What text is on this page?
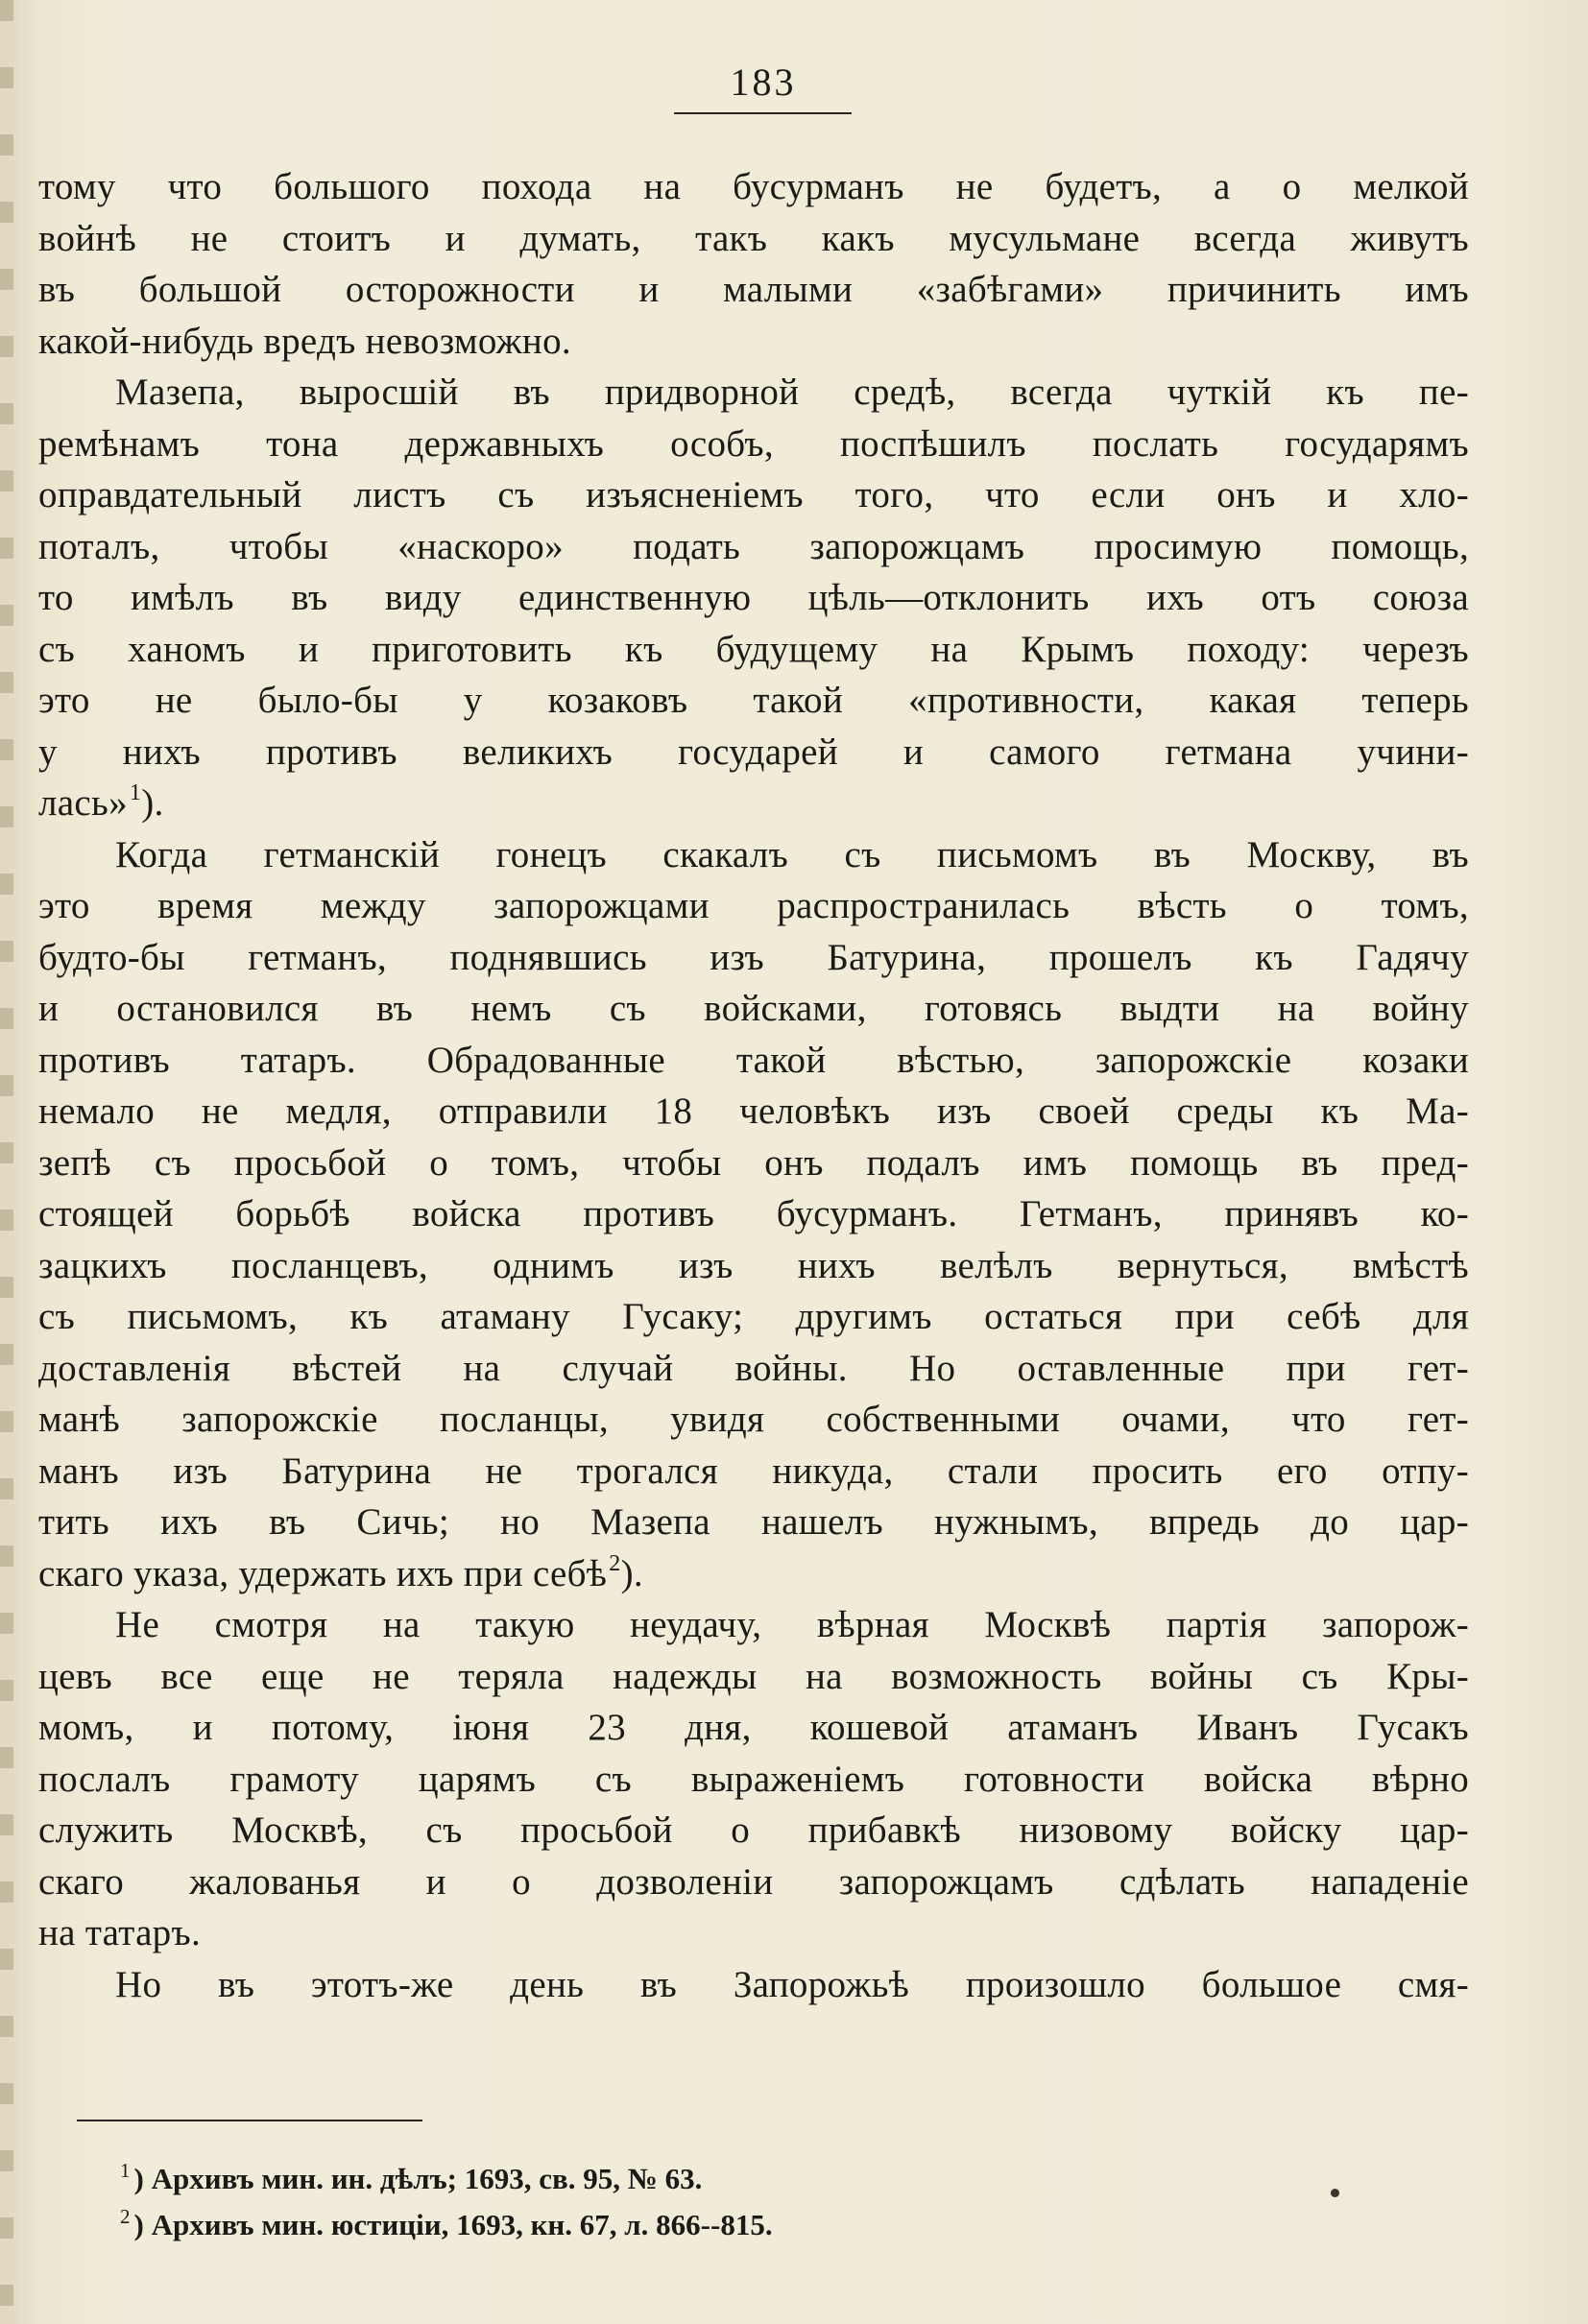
183
тому что большого похода на бусурманъ не будетъ, а о мелкой
войнѣ не стоитъ и думать, такъ какъ мусульмане всегда живутъ
въ большой осторожности и малыми «забѣгами» причинить имъ
какой-нибудь вредъ невозможно.
Мазепа, выросшій въ придворной средѣ, всегда чуткій къ пе-
ремѣнамъ тона державныхъ особъ, поспѣшилъ послать государямъ
оправдательный листъ съ изъясненіемъ того, что если онъ и хло-
поталъ, чтобы «наскоро» подать запорожцамъ просимую помощь,
то имѣлъ въ виду единственную цѣль—отклонить ихъ отъ союза
съ ханомъ и приготовить къ будущему на Крымъ походу: черезъ
это не было-бы у козаковъ такой «противности, какая теперь
у нихъ противъ великихъ государей и самого гетмана учини-
лась»$^1$).
Когда гетманскій гонецъ скакалъ съ письмомъ въ Москву, въ
это время между запорожцами распространилась вѣсть о томъ,
будто-бы гетманъ, поднявшись изъ Батурина, прошелъ къ Гадячу
и остановился въ немъ съ войсками, готовясь выдти на войну
противъ татаръ. Обрадованные такой вѣстью, запорожскіе козаки
немало не медля, отправили 18 человѣкъ изъ своей среды къ Ма-
зепѣ съ просьбой о томъ, чтобы онъ подалъ имъ помощь въ пред-
стоящей борьбѣ войска противъ бусурманъ. Гетманъ, принявъ ко-
зацкихъ посланцевъ, однимъ изъ нихъ велѣлъ вернуться, вмѣстѣ
съ письмомъ, къ атаману Гусаку; другимъ остаться при себѣ для
доставленія вѣстей на случай войны. Но оставленные при гет-
манѣ запорожскіе посланцы, увидя собственными очами, что гет-
манъ изъ Батурина не трогался никуда, стали просить его отпу-
тить ихъ въ Сичь; но Мазепа нашелъ нужнымъ, впредь до цар-
скаго указа, удержать ихъ при себѣ$^2$).
Не смотря на такую неудачу, вѣрная Москвѣ партія запорож-
цевъ все еще не теряла надежды на возможность войны съ Кры-
момъ, и потому, іюня 23 дня, кошевой атаманъ Иванъ Гусакъ
послалъ грамоту царямъ съ выраженіемъ готовности войска вѣрно
служить Москвѣ, съ просьбой о прибавкѣ низовому войску цар-
скаго жалованья и о дозволеніи запорожцамъ сдѣлать нападеніе
на татаръ.
Но въ этотъ-же день въ Запорожьѣ произошло большое смя-
$^1$ ) Архивъ мин. ин. дѣлъ; 1693, св. 95, № 63.
$^2$ ) Архивъ мин. юстиціи, 1693, кн. 67, л. 866--815.
